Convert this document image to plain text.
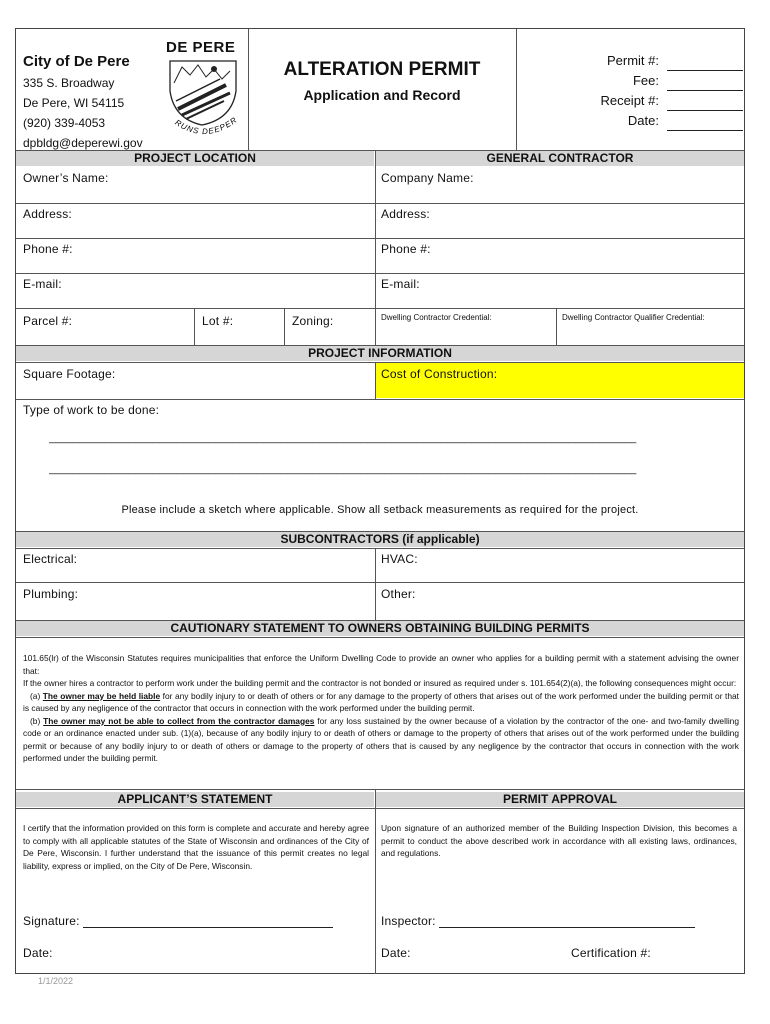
City of De Pere
335 S. Broadway
De Pere, WI 54115
(920) 339-4053
dpbldg@deperewi.gov
DE PERE
RUNS DEEPER
ALTERATION PERMIT
Application and Record
Permit #:
Fee:
Receipt #:
Date:
PROJECT LOCATION	GENERAL CONTRACTOR
Owner’s Name:	Company Name:
Address:	Address:
Phone #:	Phone #:
E-mail:	E-mail:
Parcel #:	Lot #:	Zoning:	Dwelling Contractor Credential:	Dwelling Contractor Qualifier Credential:
PROJECT INFORMATION
Square Footage:	Cost of Construction:
Type of work to be done:
________________________________________________________________________________________________
________________________________________________________________________________________________
Please include a sketch where applicable. Show all setback measurements as required for the project.
SUBCONTRACTORS (if applicable)
Electrical:	HVAC:
Plumbing:	Other:
CAUTIONARY STATEMENT TO OWNERS OBTAINING BUILDING PERMITS
101.65(lr) of the Wisconsin Statutes requires municipalities that enforce the Uniform Dwelling Code to provide an owner who applies for a building permit with a statement advising the owner that:
If the owner hires a contractor to perform work under the building permit and the contractor is not bonded or insured as required under s. 101.654(2)(a), the following consequences might occur:
(a) The owner may be held liable for any bodily injury to or death of others or for any damage to the property of others that arises out of the work performed under the building permit or that is caused by any negligence of the contractor that occurs in connection with the work performed under the building permit.
(b) The owner may not be able to collect from the contractor damages for any loss sustained by the owner because of a violation by the contractor of the one- and two-family dwelling code or an ordinance enacted under sub. (1)(a), because of any bodily injury to or death of others or damage to the property of others that arises out of the work performed under the building permit or because of any bodily injury to or death of others or damage to the property of others that is caused by any negligence by the contractor that occurs in connection with the work performed under the building permit.
APPLICANT’S STATEMENT	PERMIT APPROVAL
I certify that the information provided on this form is complete and accurate and hereby agree to comply with all applicable statutes of the State of Wisconsin and ordinances of the City of De Pere, Wisconsin. I further understand that the issuance of this permit creates no legal liability, express or implied, on the City of De Pere, Wisconsin.
Upon signature of an authorized member of the Building Inspection Division, this becomes a permit to conduct the above described work in accordance with all existing laws, ordinances, and regulations.
Signature:	Inspector:
Date:	Date:	Certification #:
1/1/2022
